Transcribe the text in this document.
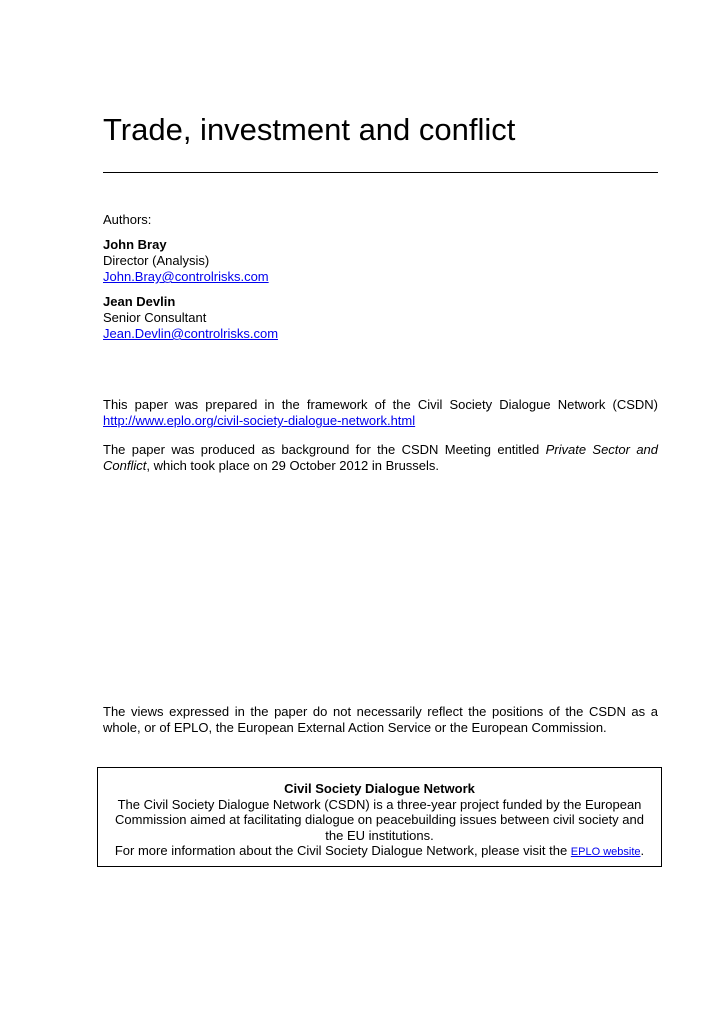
Trade, investment and conflict

Authors:

John Bray

Director (Analysis)

John.Bray@controlrisks.com

Jean Devlin

Senior Consultant

Jean.Devlin@controlrisks.com

This paper was prepared in the framework of the Civil Society Dialogue Network (CSDN)

http://www.eplo.org/civil-society-dialogue-network.html

The paper was produced as background for the CSDN Meeting entitled Private Sector and

Conflict, which took place on 29 October 2012 in Brussels.

The views expressed in the paper do not necessarily reflect the positions of the CSDN as a

whole, or of EPLO, the European External Action Service or the European Commission.

Civil Society Dialogue Network

The Civil Society Dialogue Network (CSDN) is a three-year project funded by the European

Commission aimed at facilitating dialogue on peacebuilding issues between civil society and

the EU institutions.

For more information about the Civil Society Dialogue Network, please visit the EPLO website.
